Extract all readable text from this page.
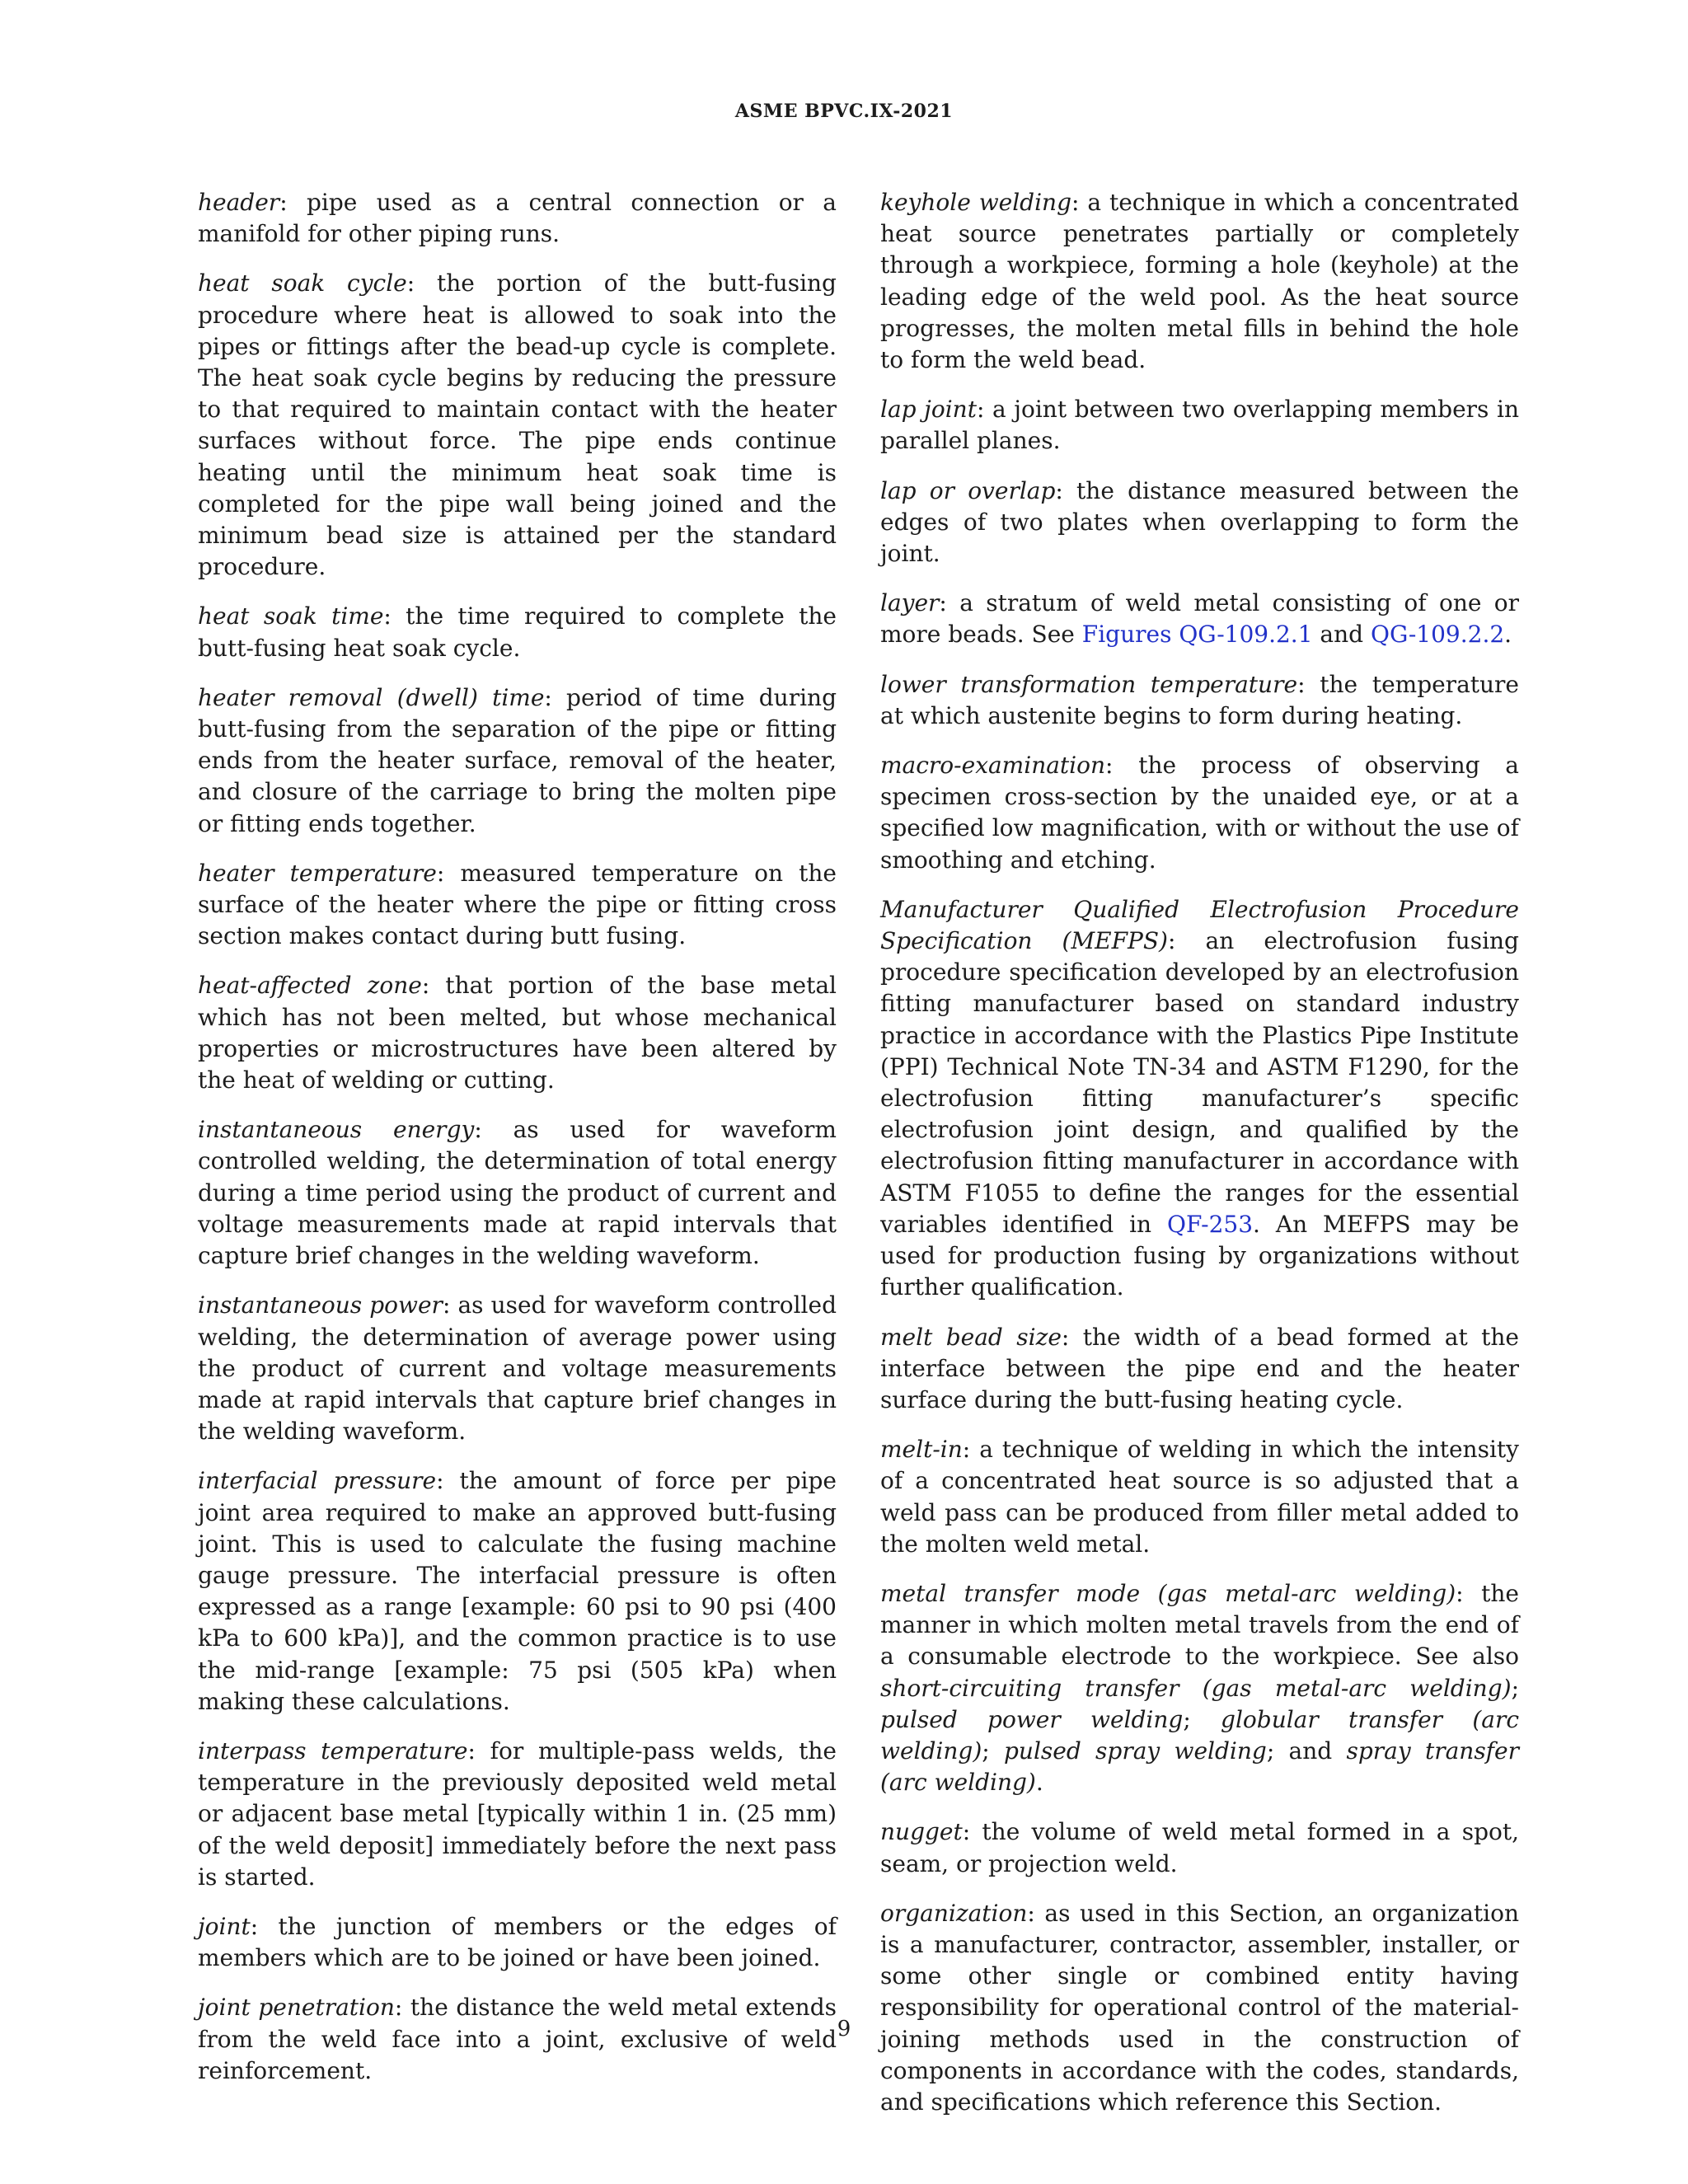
ASME BPVC.IX-2021

header: pipe used as a central connection or a manifold for other piping runs.

heat soak cycle: the portion of the butt-fusing procedure where heat is allowed to soak into the pipes or fittings after the bead-up cycle is complete. The heat soak cycle begins by reducing the pressure to that required to maintain contact with the heater surfaces without force. The pipe ends continue heating until the minimum heat soak time is completed for the pipe wall being joined and the minimum bead size is attained per the standard procedure.

heat soak time: the time required to complete the butt-fusing heat soak cycle.

heater removal (dwell) time: period of time during butt-fusing from the separation of the pipe or fitting ends from the heater surface, removal of the heater, and closure of the carriage to bring the molten pipe or fitting ends together.

heater temperature: measured temperature on the surface of the heater where the pipe or fitting cross section makes contact during butt fusing.

heat-affected zone: that portion of the base metal which has not been melted, but whose mechanical properties or microstructures have been altered by the heat of welding or cutting.

instantaneous energy: as used for waveform controlled welding, the determination of total energy during a time period using the product of current and voltage measurements made at rapid intervals that capture brief changes in the welding waveform.

instantaneous power: as used for waveform controlled welding, the determination of average power using the product of current and voltage measurements made at rapid intervals that capture brief changes in the welding waveform.

interfacial pressure: the amount of force per pipe joint area required to make an approved butt-fusing joint. This is used to calculate the fusing machine gauge pressure. The interfacial pressure is often expressed as a range [example: 60 psi to 90 psi (400 kPa to 600 kPa)], and the common practice is to use the mid-range [example: 75 psi (505 kPa) when making these calculations.

interpass temperature: for multiple-pass welds, the temperature in the previously deposited weld metal or adjacent base metal [typically within 1 in. (25 mm) of the weld deposit] immediately before the next pass is started.

joint: the junction of members or the edges of members which are to be joined or have been joined.

joint penetration: the distance the weld metal extends from the weld face into a joint, exclusive of weld reinforcement.

keyhole welding: a technique in which a concentrated heat source penetrates partially or completely through a workpiece, forming a hole (keyhole) at the leading edge of the weld pool. As the heat source progresses, the molten metal fills in behind the hole to form the weld bead.

lap joint: a joint between two overlapping members in parallel planes.

lap or overlap: the distance measured between the edges of two plates when overlapping to form the joint.

layer: a stratum of weld metal consisting of one or more beads. See Figures QG-109.2.1 and QG-109.2.2.

lower transformation temperature: the temperature at which austenite begins to form during heating.

macro-examination: the process of observing a specimen cross-section by the unaided eye, or at a specified low magnification, with or without the use of smoothing and etching.

Manufacturer Qualified Electrofusion Procedure Specification (MEFPS): an electrofusion fusing procedure specification developed by an electrofusion fitting manufacturer based on standard industry practice in accordance with the Plastics Pipe Institute (PPI) Technical Note TN-34 and ASTM F1290, for the electrofusion fitting manufacturer’s specific electrofusion joint design, and qualified by the electrofusion fitting manufacturer in accordance with ASTM F1055 to define the ranges for the essential variables identified in QF-253. An MEFPS may be used for production fusing by organizations without further qualification.

melt bead size: the width of a bead formed at the interface between the pipe end and the heater surface during the butt-fusing heating cycle.

melt-in: a technique of welding in which the intensity of a concentrated heat source is so adjusted that a weld pass can be produced from filler metal added to the molten weld metal.

metal transfer mode (gas metal-arc welding): the manner in which molten metal travels from the end of a consumable electrode to the workpiece. See also short-circuiting transfer (gas metal-arc welding); pulsed power welding; globular transfer (arc welding); pulsed spray welding; and spray transfer (arc welding).

nugget: the volume of weld metal formed in a spot, seam, or projection weld.

organization: as used in this Section, an organization is a manufacturer, contractor, assembler, installer, or some other single or combined entity having responsibility for operational control of the material-joining methods used in the construction of components in accordance with the codes, standards, and specifications which reference this Section.

9
